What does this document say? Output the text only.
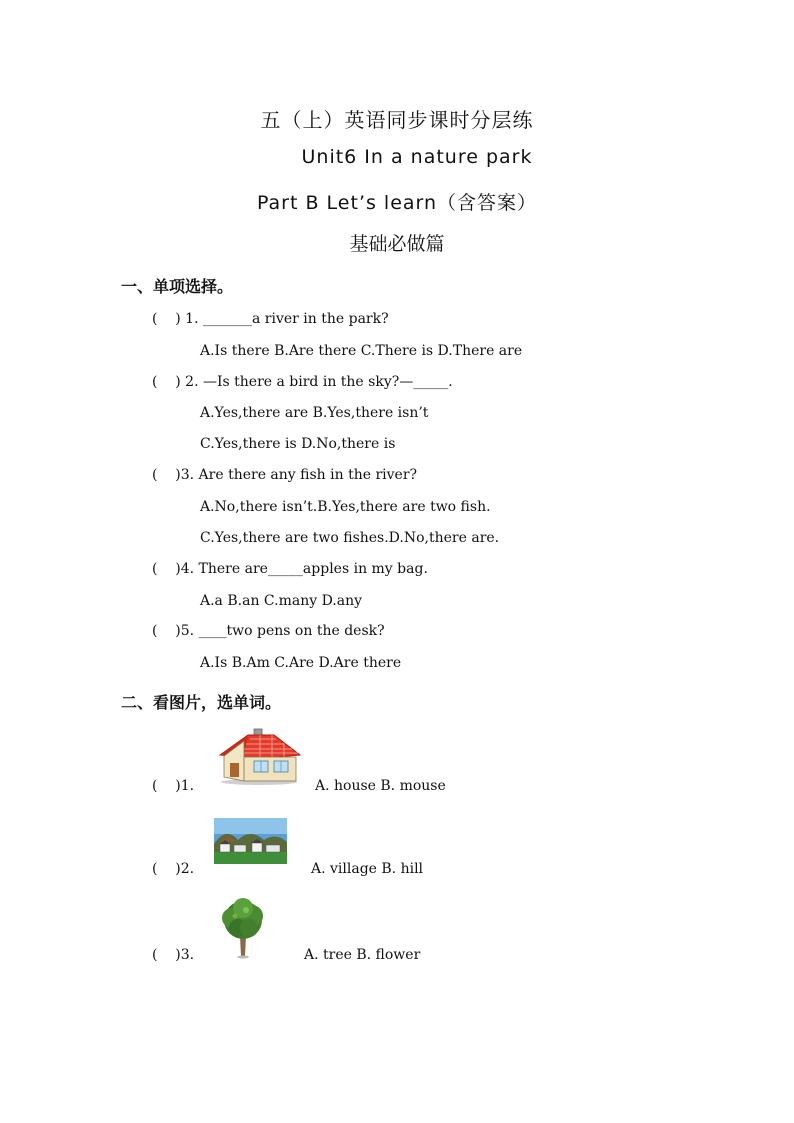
五（上）英语同步课时分层练
Unit6 In a nature park
Part B Let’s learn（含答案）
基础必做篇
一、单项选择。
(    ) 1. _______a river in the park?
A.Is there B.Are there C.There is D.There are
(    ) 2. —Is there a bird in the sky?—_____.
A.Yes,there are B.Yes,there isn’t
C.Yes,there is D.No,there is
(    )3. Are there any fish in the river?
A.No,there isn’t.B.Yes,there are two fish.
C.Yes,there are two fishes.D.No,there are.
(    )4. There are_____apples in my bag.
A.a B.an C.many D.any
(    )5. ____two pens on the desk?
A.Is B.Am C.Are D.Are there
二、看图片，选单词。
(    )1.	A. house B. mouse
(    )2.	A. village B. hill
(    )3.	A. tree B. flower
